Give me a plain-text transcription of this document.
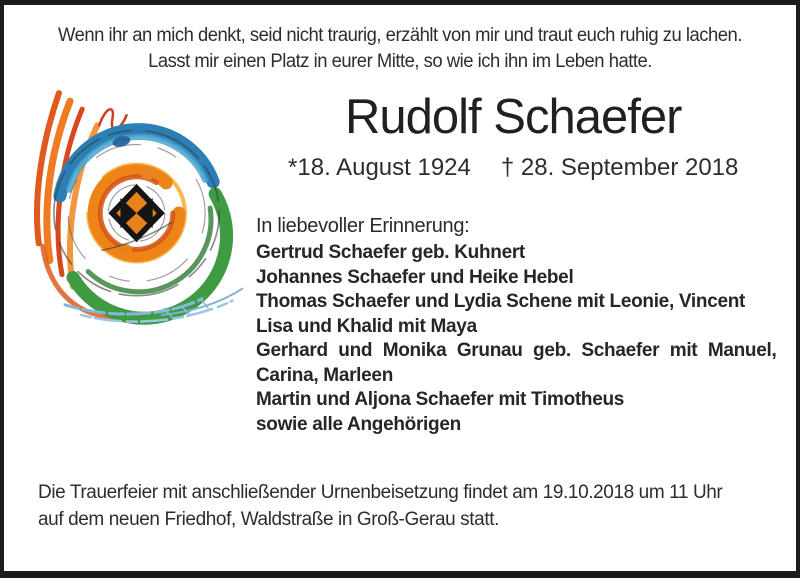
Wenn ihr an mich denkt, seid nicht traurig, erzählt von mir und traut euch ruhig zu lachen.
Lasst mir einen Platz in eurer Mitte, so wie ich ihn im Leben hatte.
Rudolf Schaefer
*18. August 1924 † 28. September 2018
In liebevoller Erinnerung:
Gertrud Schaefer geb. Kuhnert
Johannes Schaefer und Heike Hebel
Thomas Schaefer und Lydia Schene mit Leonie, Vincent
Lisa und Khalid mit Maya
Gerhard und Monika Grunau geb. Schaefer mit Manuel,
Carina, Marleen
Martin und Aljona Schaefer mit Timotheus
sowie alle Angehörigen
Die Trauerfeier mit anschließender Urnenbeisetzung findet am 19.10.2018 um 11 Uhr
auf dem neuen Friedhof, Waldstraße in Groß-Gerau statt.
